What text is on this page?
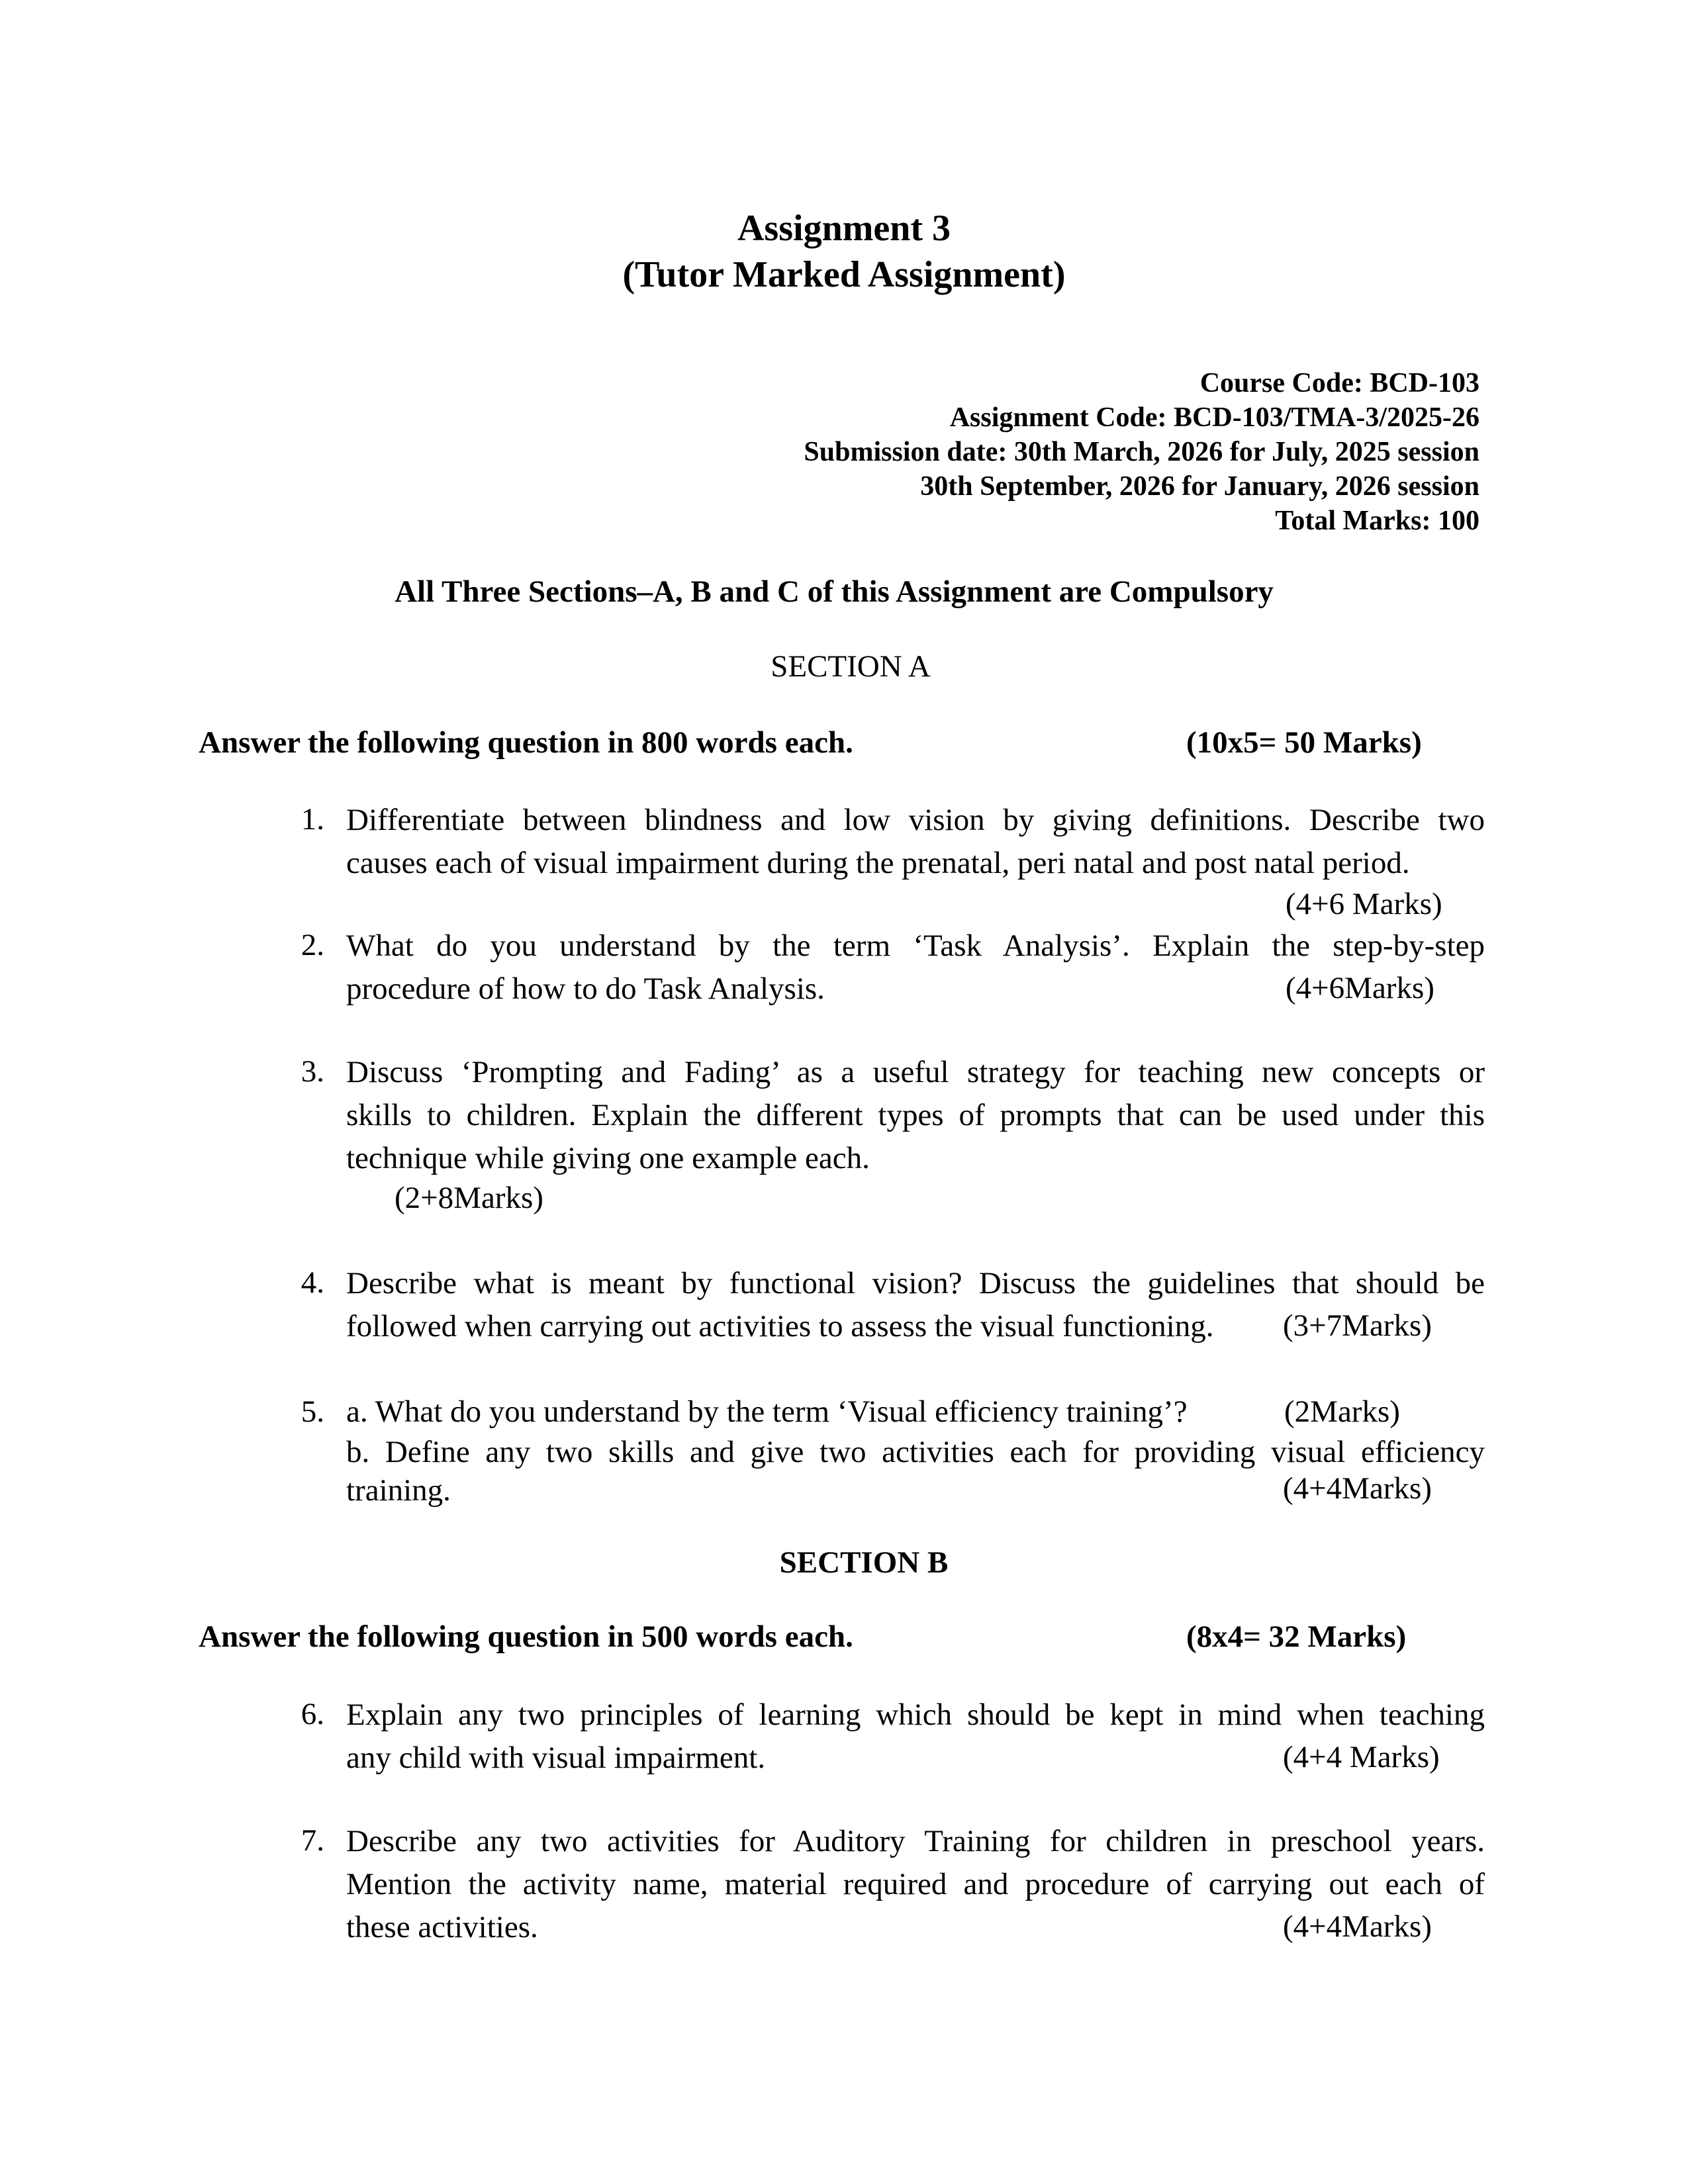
Assignment 3
(Tutor Marked Assignment)
Course Code: BCD-103
Assignment Code: BCD-103/TMA-3/2025-26
Submission date: 30th March, 2026 for July, 2025 session
30th September, 2026 for January, 2026 session
Total Marks: 100
All Three Sections–A, B and C of this Assignment are Compulsory
SECTION A
Answer the following question in 800 words each.	(10x5= 50 Marks)
1. Differentiate between blindness and low vision by giving definitions. Describe two
causes each of visual impairment during the prenatal, peri natal and post natal period.
(4+6 Marks)
2. What do you understand by the term ‘Task Analysis’. Explain the step-by-step
procedure of how to do Task Analysis.	(4+6Marks)
3. Discuss ‘Prompting and Fading’ as a useful strategy for teaching new concepts or
skills to children. Explain the different types of prompts that can be used under this
technique while giving one example each.
(2+8Marks)
4. Describe what is meant by functional vision? Discuss the guidelines that should be
followed when carrying out activities to assess the visual functioning.	(3+7Marks)
5. a. What do you understand by the term ‘Visual efficiency training’?	(2Marks)
b. Define any two skills and give two activities each for providing visual efficiency
training.	(4+4Marks)
SECTION B
Answer the following question in 500 words each.	(8x4= 32 Marks)
6. Explain any two principles of learning which should be kept in mind when teaching
any child with visual impairment.	(4+4 Marks)
7. Describe any two activities for Auditory Training for children in preschool years.
Mention the activity name, material required and procedure of carrying out each of
these activities.	(4+4Marks)
